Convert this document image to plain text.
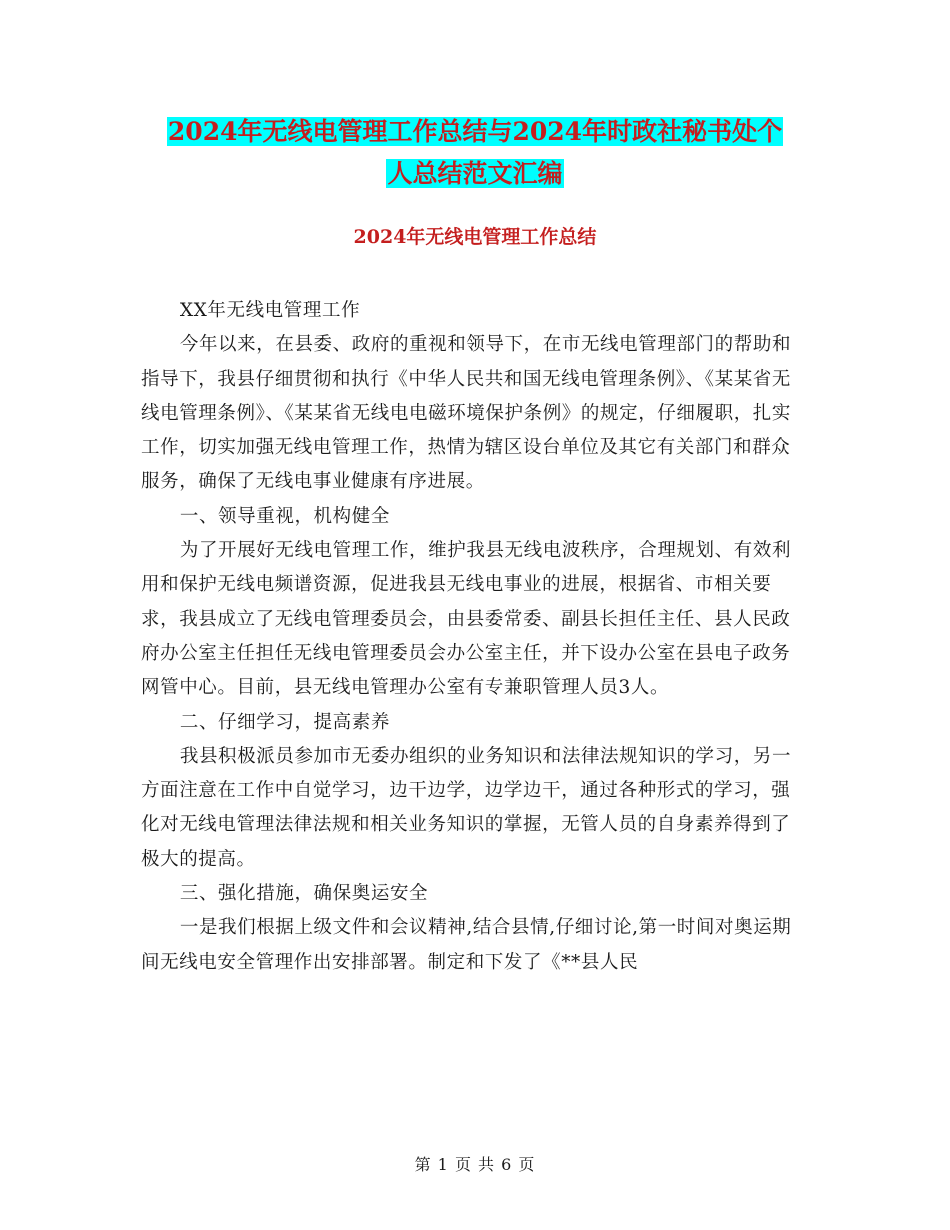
2024年无线电管理工作总结与2024年时政社秘书处个
人总结范文汇编
2024年无线电管理工作总结

XX年无线电管理工作

今年以来，在县委、政府的重视和领导下，在市无线电管理部门的帮助和指导下，我县仔细贯彻和执行《中华人民共和国无线电管理条例》、《某某省无线电管理条例》、《某某省无线电电磁环境保护条例》的规定，仔细履职，扎实工作，切实加强无线电管理工作，热情为辖区设台单位及其它有关部门和群众服务，确保了无线电事业健康有序进展。

一、领导重视，机构健全

为了开展好无线电管理工作，维护我县无线电波秩序，合理规划、有效利用和保护无线电频谱资源，促进我县无线电事业的进展，根据省、市相关要求，我县成立了无线电管理委员会，由县委常委、副县长担任主任、县人民政府办公室主任担任无线电管理委员会办公室主任，并下设办公室在县电子政务网管中心。目前，县无线电管理办公室有专兼职管理人员3人。

二、仔细学习，提高素养

我县积极派员参加市无委办组织的业务知识和法律法规知识的学习，另一方面注意在工作中自觉学习，边干边学，边学边干，通过各种形式的学习，强化对无线电管理法律法规和相关业务知识的掌握，无管人员的自身素养得到了极大的提高。

三、强化措施，确保奥运安全

一是我们根据上级文件和会议精神,结合县情,仔细讨论,第一时间对奥运期间无线电安全管理作出安排部署。制定和下发了《**县人民

第 1 页 共 6 页
